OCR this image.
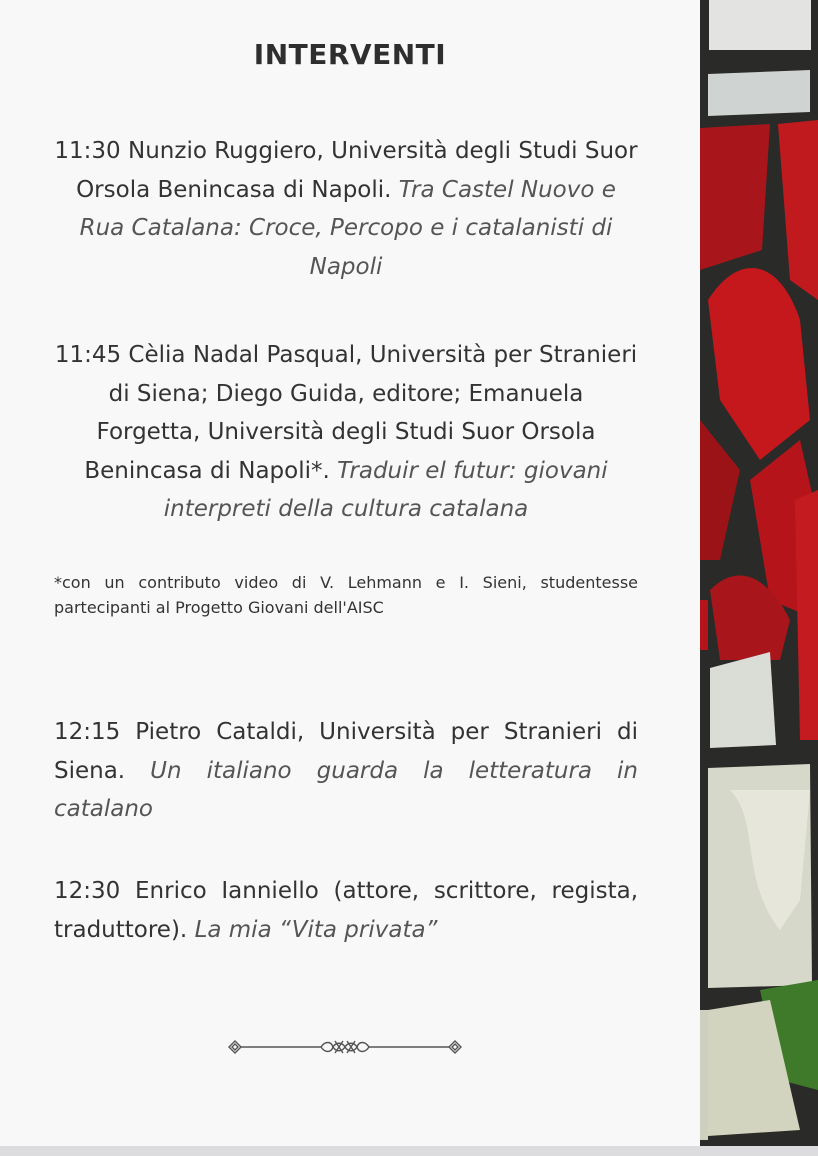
INTERVENTI

11:30 Nunzio Ruggiero, Università degli Studi Suor Orsola Benincasa di Napoli. Tra Castel Nuovo e Rua Catalana: Croce, Percopo e i catalanisti di Napoli

11:45 Cèlia Nadal Pasqual, Università per Stranieri di Siena; Diego Guida, editore; Emanuela Forgetta, Università degli Studi Suor Orsola Benincasa di Napoli*. Traduir el futur: giovani interpreti della cultura catalana

*con un contributo video di V. Lehmann e I. Sieni, studentesse partecipanti al Progetto Giovani dell'AISC

12:15 Pietro Cataldi, Università per Stranieri di Siena. Un italiano guarda la letteratura in catalano

12:30 Enrico Ianniello (attore, scrittore, regista, traduttore). La mia “Vita privata”
